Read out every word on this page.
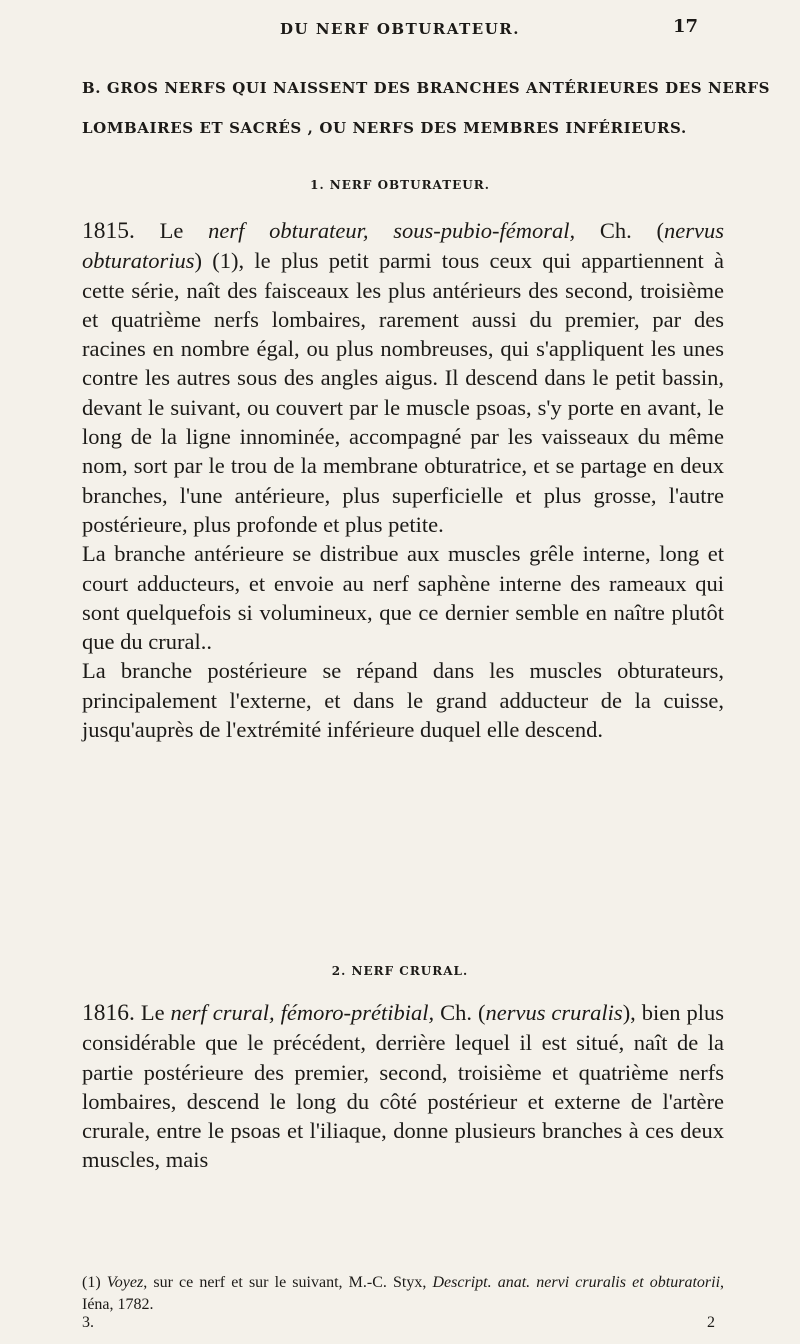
DU NERF OBTURATEUR.	17
B. GROS NERFS QUI NAISSENT DES BRANCHES ANTÉRIEURES DES NERFS
LOMBAIRES ET SACRÉS , OU NERFS DES MEMBRES INFÉRIEURS.
1. NERF OBTURATEUR.

1815. Le nerf obturateur, sous-pubio-fémoral, Ch. (nervus obturatorius) (1), le plus petit parmi tous ceux qui appartiennent à cette série, naît des faisceaux les plus antérieurs des second, troisième et quatrième nerfs lombaires, rarement aussi du premier, par des racines en nombre égal, ou plus nombreuses, qui s'appliquent les unes contre les autres sous des angles aigus. Il descend dans le petit bassin, devant le suivant, ou couvert par le muscle psoas, s'y porte en avant, le long de la ligne innominée, accompagné par les vaisseaux du même nom, sort par le trou de la membrane obturatrice, et se partage en deux branches, l'une antérieure, plus superficielle et plus grosse, l'autre postérieure, plus profonde et plus petite.

La branche antérieure se distribue aux muscles grêle interne, long et court adducteurs, et envoie au nerf saphène interne des rameaux qui sont quelquefois si volumineux, que ce dernier semble en naître plutôt que du crural..

La branche postérieure se répand dans les muscles obturateurs, principalement l'externe, et dans le grand adducteur de la cuisse, jusqu'auprès de l'extrémité inférieure duquel elle descend.

2. NERF CRURAL.

1816. Le nerf crural, fémoro-prétibial, Ch. (nervus cruralis), bien plus considérable que le précédent, derrière lequel il est situé, naît de la partie postérieure des premier, second, troisième et quatrième nerfs lombaires, descend le long du côté postérieur et externe de l'artère crurale, entre le psoas et l'iliaque, donne plusieurs branches à ces deux muscles, mais

(1) Voyez, sur ce nerf et sur le suivant, M.-C. Styx, Descript. anat. nervi cruralis et obturatorii, Iéna, 1782.
3.	2
